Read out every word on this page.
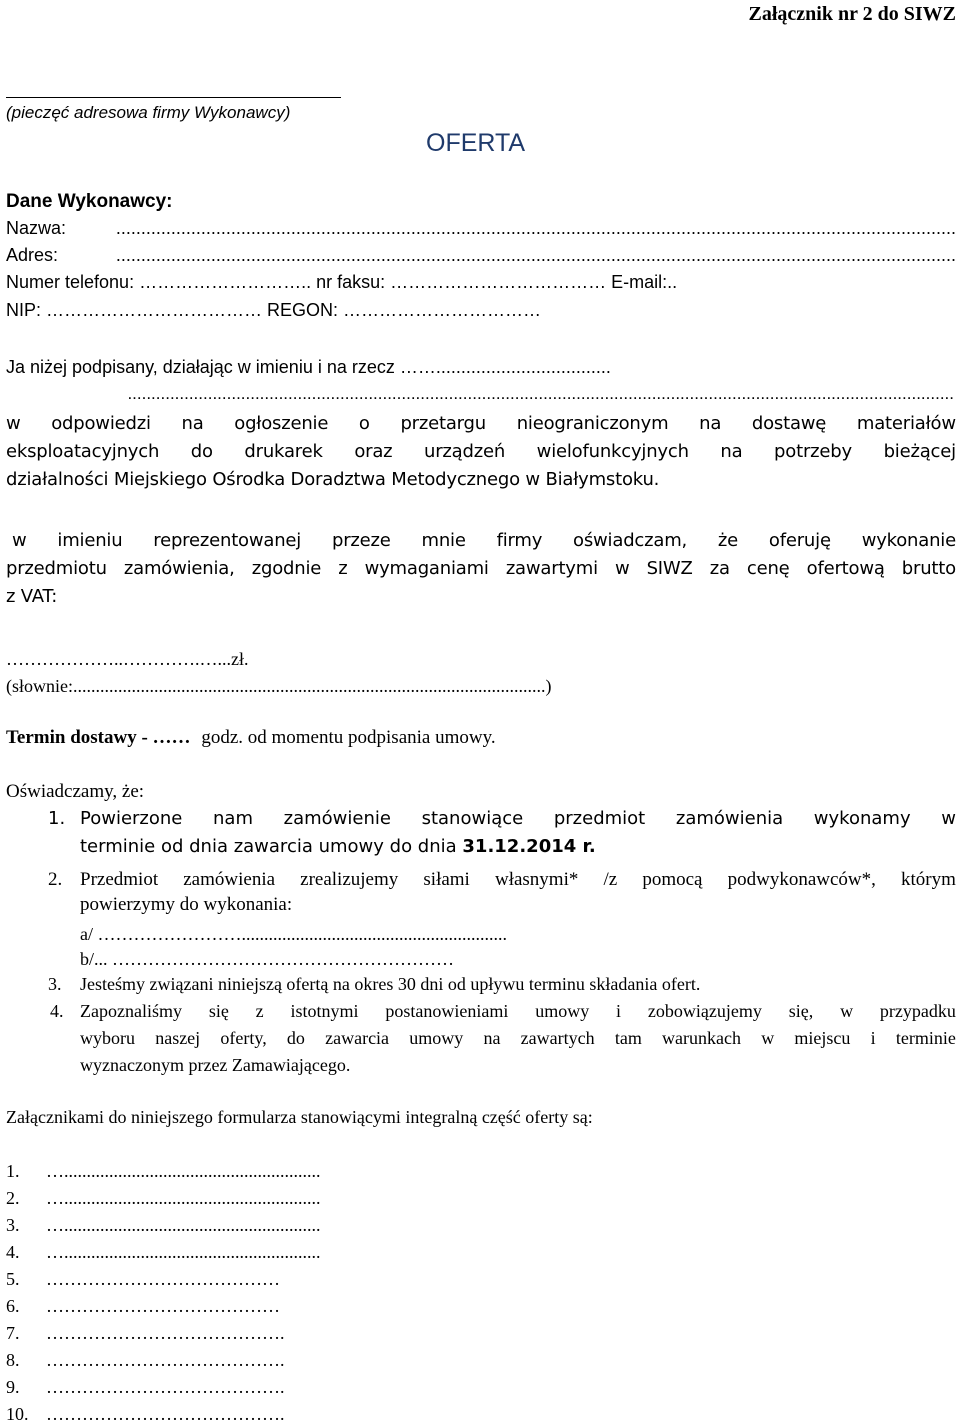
Załącznik nr 2 do SIWZ
(pieczęć adresowa firmy Wykonawcy)
OFERTA
Dane Wykonawcy:
Nazwa:	........................................................................................................................................................................
Adres:	........................................................................................................................................................................
Numer telefonu: ……………………….. nr faksu: ……………………………… E-mail:..
NIP: ……………………………… REGON: ……………………………
Ja niżej podpisany, działając w imieniu i na rzecz ……...................................
...............................................................................................................................................................................
w odpowiedzi na ogłoszenie o przetargu nieograniczonym na dostawę materiałów
eksploatacyjnych do drukarek oraz urządzeń wielofunkcyjnych na potrzeby bieżącej
działalności Miejskiego Ośrodka Doradztwa Metodycznego w Białymstoku.
w imieniu reprezentowanej przeze mnie firmy oświadczam, że oferuję wykonanie
przedmiotu zamówienia, zgodnie z wymaganiami zawartymi w SIWZ za cenę ofertową brutto
z VAT:
………………..………….…...zł.
(słownie:.........................................................................................................)
Termin dostawy - …… godz. od momentu podpisania umowy.
Oświadczamy, że:
1. Powierzone nam zamówienie stanowiące przedmiot zamówienia wykonamy w
terminie od dnia zawarcia umowy do dnia 31.12.2014 r.
2. Przedmiot zamówienia zrealizujemy siłami własnymi* /z pomocą podwykonawców*, którym
powierzymy do wykonania:
a/ ……………………...........................................................
b/... …………………………………………………
3. Jesteśmy związani niniejszą ofertą na okres 30 dni od upływu terminu składania ofert.
4. Zapoznaliśmy się z istotnymi postanowieniami umowy i zobowiązujemy się, w przypadku
wyboru naszej oferty, do zawarcia umowy na zawartych tam warunkach w miejscu i terminie
wyznaczonym przez Zamawiającego.
Załącznikami do niniejszego formularza stanowiącymi integralną część oferty są:
1. ….........................................................
2. ….........................................................
3. ….........................................................
4. ….........................................................
5. …………………………………
6. …………………………………
7. ………………………………….
8. ………………………………….
9. ………………………………….
10. ………………………………….
